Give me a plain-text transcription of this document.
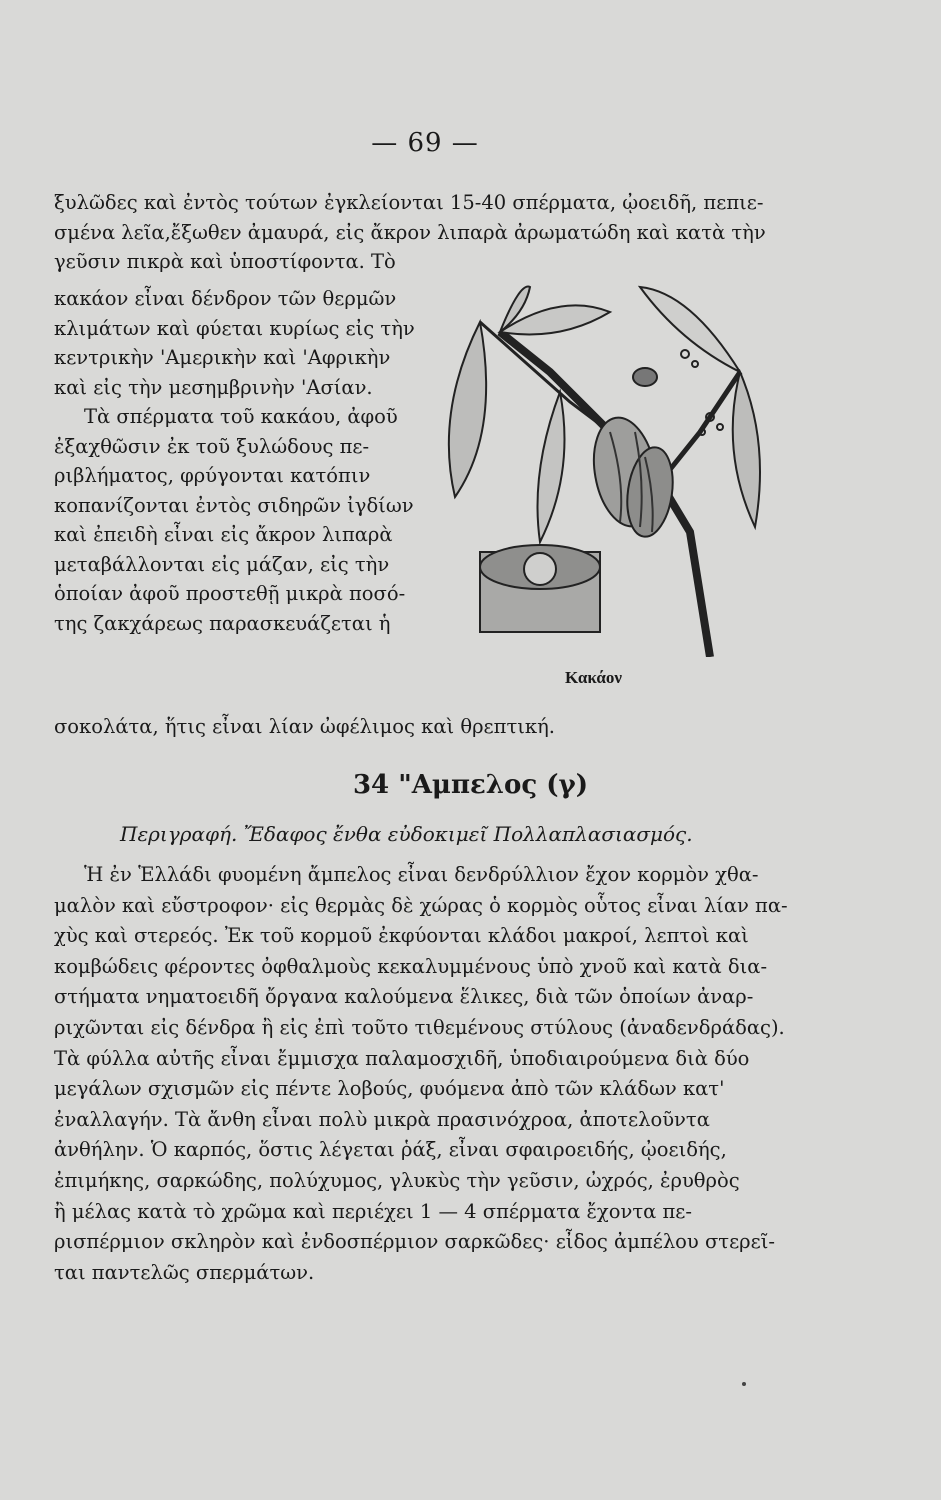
— 69 —
ξυλῶδες καὶ ἐντὸς τούτων ἐγκλείονται 15-40 σπέρματα, ᾠοειδῆ, πεπιε-
σμένα λεῖα,ἔξωθεν ἀμαυρά, εἰς ἄκρον λιπαρὰ ἀρωματώδη καὶ κατὰ τὴν
γεῦσιν πικρὰ καὶ ὑποστίφοντα. Τὸ
κακάον εἶναι δένδρον τῶν θερμῶν
κλιμάτων καὶ φύεται κυρίως εἰς τὴν
κεντρικὴν 'Αμερικὴν καὶ 'Αφρικὴν
καὶ εἰς τὴν μεσημβρινὴν 'Ασίαν.
Τὰ σπέρματα τοῦ κακάου, ἀφοῦ
ἐξαχθῶσιν ἐκ τοῦ ξυλώδους πε-
ριβλήματος, φρύγονται κατόπιν
κοπανίζονται ἐντὸς σιδηρῶν ἰγδίων
καὶ ἐπειδὴ εἶναι εἰς ἄκρον λιπαρὰ
μεταβάλλονται εἰς μάζαν, εἰς τὴν
ὁποίαν ἀφοῦ προστεθῇ μικρὰ ποσό-
της ζακχάρεως παρασκευάζεται ἡ
Κακάον
σοκολάτα, ἥτις εἶναι λίαν ὠφέλιμος καὶ θρεπτική.
34 "Αμπελος (γ)
Περιγραφή. Ἔδαφος ἔνθα εὐδοκιμεῖ Πολλαπλασιασμός.
Ἡ ἐν Ἑλλάδι φυομένη ἄμπελος εἶναι δενδρύλλιον ἔχον κορμὸν χθα-
μαλὸν καὶ εὔστροφον· εἰς θερμὰς δὲ χώρας ὁ κορμὸς οὗτος εἶναι λίαν πα-
χὺς καὶ στερεός. Ἐκ τοῦ κορμοῦ ἐκφύονται κλάδοι μακροί, λεπτοὶ καὶ
κομβώδεις φέροντες ὀφθαλμοὺς κεκαλυμμένους ὑπὸ χνοῦ καὶ κατὰ δια-
στήματα νηματοειδῆ ὄργανα καλούμενα ἕλικες, διὰ τῶν ὁποίων ἀναρ-
ριχῶνται εἰς δένδρα ἢ εἰς ἐπὶ τοῦτο τιθεμένους στύλους (ἀναδενδράδας).
Τὰ φύλλα αὐτῆς εἶναι ἔμμισχα παλαμοσχιδῆ, ὑποδιαιρούμενα διὰ δύο
μεγάλων σχισμῶν εἰς πέντε λοβούς, φυόμενα ἀπὸ τῶν κλάδων κατ'
ἐναλλαγήν. Τὰ ἄνθη εἶναι πολὺ μικρὰ πρασινόχροα, ἀποτελοῦντα
ἀνθήλην. Ὁ καρπός, ὅστις λέγεται ῥάξ, εἶναι σφαιροειδής, ᾠοειδής,
ἐπιμήκης, σαρκώδης, πολύχυμος, γλυκὺς τὴν γεῦσιν, ὠχρός, ἐρυθρὸς
ἢ μέλας κατὰ τὸ χρῶμα καὶ περιέχει 1 — 4 σπέρματα ἔχοντα πε-
ρισπέρμιον σκληρὸν καὶ ἐνδοσπέρμιον σαρκῶδες· εἶδος ἀμπέλου στερεῖ-
ται παντελῶς σπερμάτων.
